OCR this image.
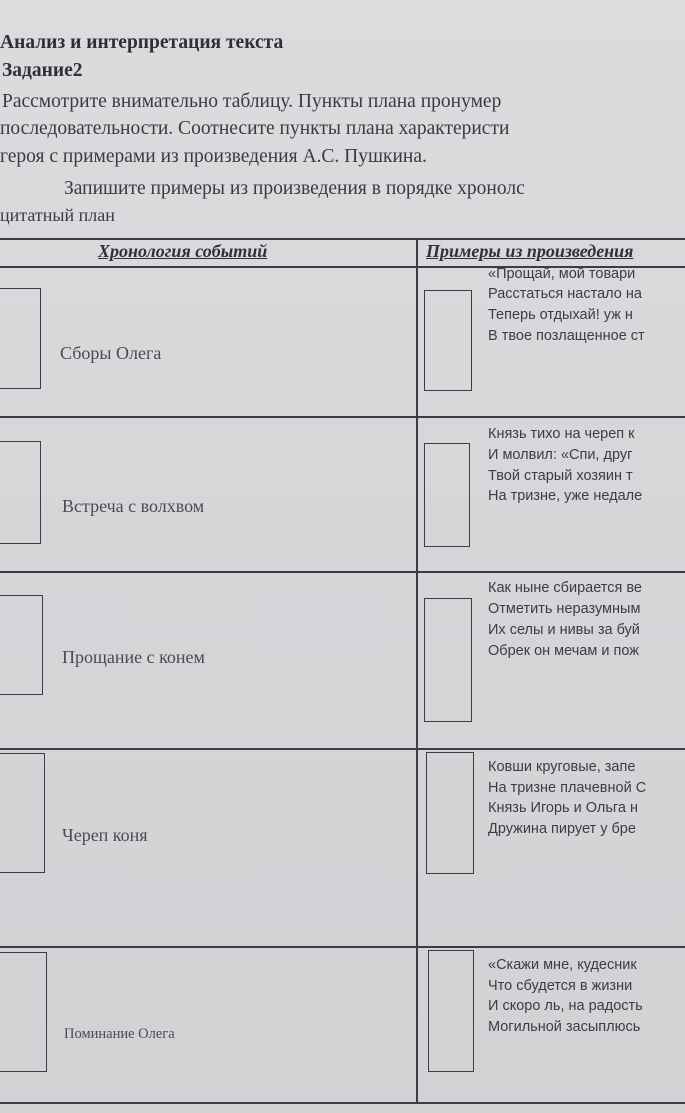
Анализ и интерпретация текста
Задание2
Рассмотрите внимательно таблицу. Пункты плана пронумер
последовательности. Соотнесите пункты плана характеристи
героя с примерами из произведения А.С. Пушкина.
Запишите примеры из произведения в порядке хронолс
цитатный план
Хронология событий	Примеры из произведения
Сборы Олега
«Прощай, мой товари
Расстаться настало на
Теперь отдыхай! уж н
В твое позлащенное ст
Встреча с волхвом
Князь тихо на череп к
И молвил: «Спи, друг
Твой старый хозяин т
На тризне, уже недале
Прощание с конем
Как ныне сбирается ве
Отметить неразумным
Их селы и нивы за буй
Обрек он мечам и пож
Череп коня
Ковши круговые, запе
На тризне плачевной С
Князь Игорь и Ольга н
Дружина пирует у бре
Поминание Олега
«Скажи мне, кудесник
Что сбудется в жизни
И скоро ль, на радость
Могильной засыплюсь
